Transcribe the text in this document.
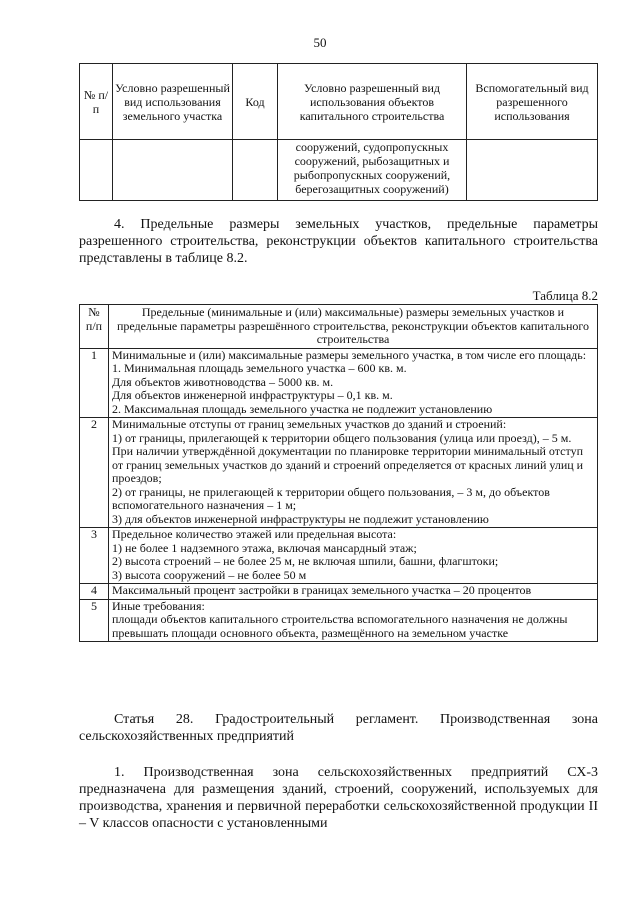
50
№ п/п	Условно разрешенный вид использования земельного участка	Код	Условно разрешенный вид использования объектов капитального строительства	Вспомогательный вид разрешенного использования
			сооружений, судопропускных сооружений, рыбозащитных и рыбопропускных сооружений, берегозащитных сооружений)	
4. Предельные размеры земельных участков, предельные параметры разрешенного строительства, реконструкции объектов капитального строительства представлены в таблице 8.2.
Таблица 8.2
№ п/п	Предельные (минимальные и (или) максимальные) размеры земельных участков и предельные параметры разрешённого строительства, реконструкции объектов капитального строительства
1	Минимальные и (или) максимальные размеры земельного участка, в том числе его площадь:
1. Минимальная площадь земельного участка – 600 кв. м.
Для объектов животноводства – 5000 кв. м.
Для объектов инженерной инфраструктуры – 0,1 кв. м.
2. Максимальная площадь земельного участка не подлежит установлению

2	Минимальные отступы от границ земельных участков до зданий и строений:
1) от границы, прилегающей к территории общего пользования (улица или проезд), – 5 м. При наличии утверждённой документации по планировке территории минимальный отступ от границ земельных участков до зданий и строений определяется от красных линий улиц и проездов;
2) от границы, не прилегающей к территории общего пользования, – 3 м, до объектов вспомогательного назначения – 1 м;
3) для объектов инженерной инфраструктуры не подлежит установлению

3	Предельное количество этажей или предельная высота:
1) не более 1 надземного этажа, включая мансардный этаж;
2) высота строений – не более 25 м, не включая шпили, башни, флагштоки;
3) высота сооружений – не более 50 м

4	Максимальный процент застройки в границах земельного участка – 20 процентов

5	Иные требования:
площади объектов капитального строительства вспомогательного назначения не должны превышать площади основного объекта, размещённого на земельном участке
Статья 28. Градостроительный регламент. Производственная зона сельскохозяйственных предприятий
1. Производственная зона сельскохозяйственных предприятий СХ-3 предназначена для размещения зданий, строений, сооружений, используемых для производства, хранения и первичной переработки сельскохозяйственной продукции II – V классов опасности с установленными
